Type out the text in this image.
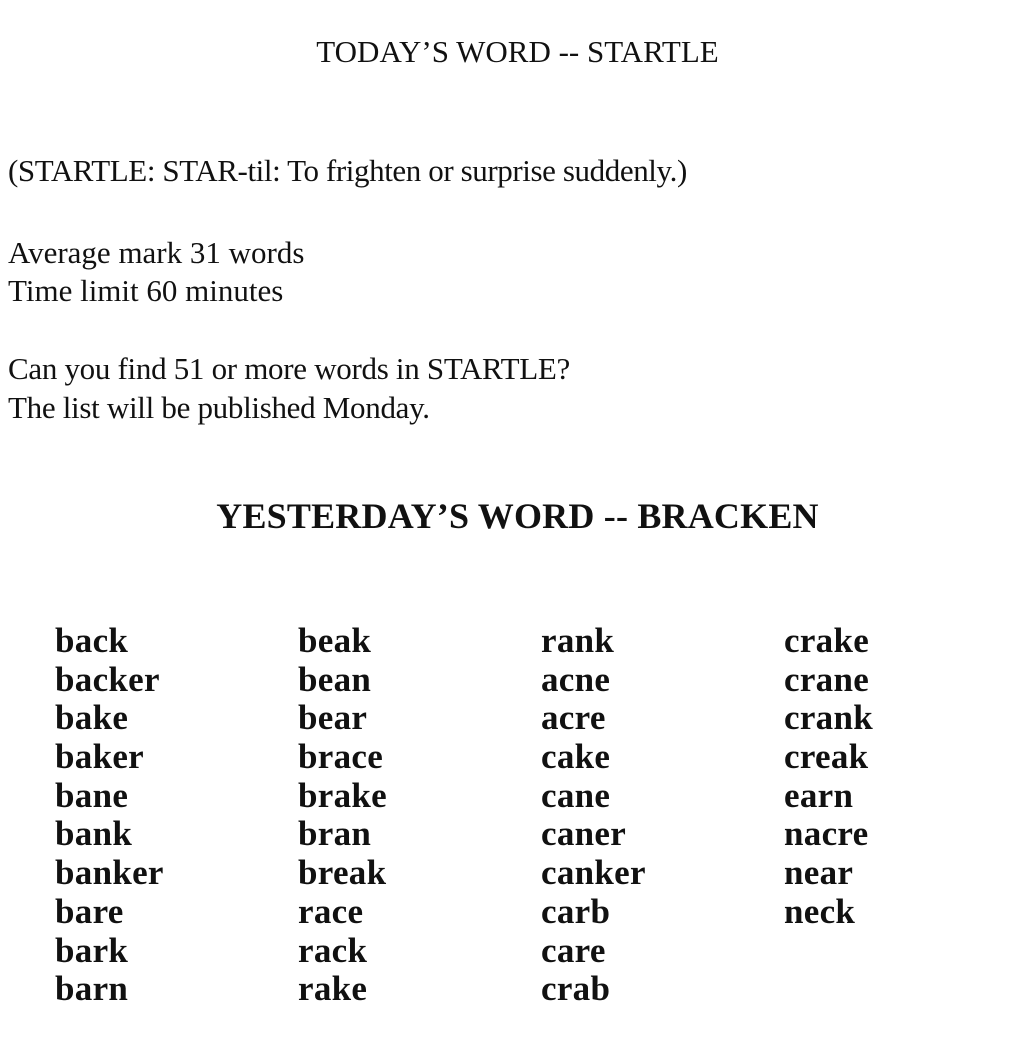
TODAY’S WORD -- STARTLE
(STARTLE: STAR-til: To frighten or surprise suddenly.)
Average mark 31 words
Time limit 60 minutes
Can you find 51 or more words in STARTLE?
The list will be published Monday.
YESTERDAY’S WORD -- BRACKEN
back
backer
bake
baker
bane
bank
banker
bare
bark
barn
beak
bean
bear
brace
brake
bran
break
race
rack
rake
rank
acne
acre
cake
cane
caner
canker
carb
care
crab
crake
crane
crank
creak
earn
nacre
near
neck
